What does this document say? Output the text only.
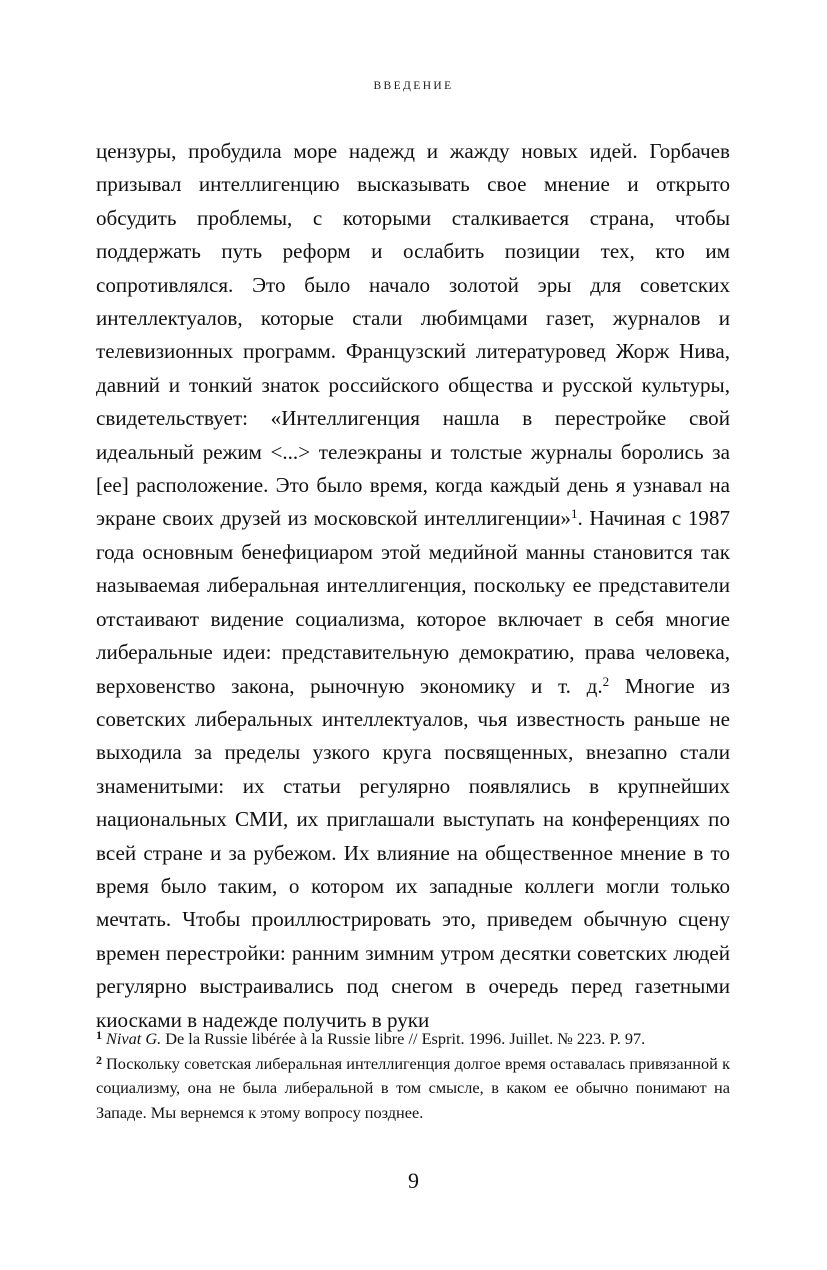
ВВЕДЕНИЕ

цензуры, пробудила море надежд и жажду новых идей. Горбачев призывал интеллигенцию высказывать свое мнение и открыто обсудить проблемы, с которыми сталкивается страна, чтобы поддержать путь реформ и ослабить позиции тех, кто им сопротивлялся. Это было начало золотой эры для советских интеллектуалов, которые стали любимцами газет, журналов и телевизионных программ. Французский литературовед Жорж Нива, давний и тонкий знаток российского общества и русской культуры, свидетельствует: «Интеллигенция нашла в перестройке свой идеальный режим <...> телеэкраны и толстые журналы боролись за [ее] расположение. Это было время, когда каждый день я узнавал на экране своих друзей из московской интеллигенции»$^1$. Начиная с 1987 года основным бенефициаром этой медийной манны становится так называемая либеральная интеллигенция, поскольку ее представители отстаивают видение социализма, которое включает в себя многие либеральные идеи: представительную демократию, права человека, верховенство закона, рыночную экономику и т. д.$^2$ Многие из советских либеральных интеллектуалов, чья известность раньше не выходила за пределы узкого круга посвященных, внезапно стали знаменитыми: их статьи регулярно появлялись в крупнейших национальных СМИ, их приглашали выступать на конференциях по всей стране и за рубежом. Их влияние на общественное мнение в то время было таким, о котором их западные коллеги могли только мечтать. Чтобы проиллюстрировать это, приведем обычную сцену времен перестройки: ранним зимним утром десятки советских людей регулярно выстраивались под снегом в очередь перед газетными киосками в надежде получить в руки

$^1$ Nivat G. De la Russie libérée à la Russie libre // Esprit. 1996. Juillet. № 223. P. 97.

$^2$ Поскольку советская либеральная интеллигенция долгое время оставалась привязанной к социализму, она не была либеральной в том смысле, в каком ее обычно понимают на Западе. Мы вернемся к этому вопросу позднее.

9
